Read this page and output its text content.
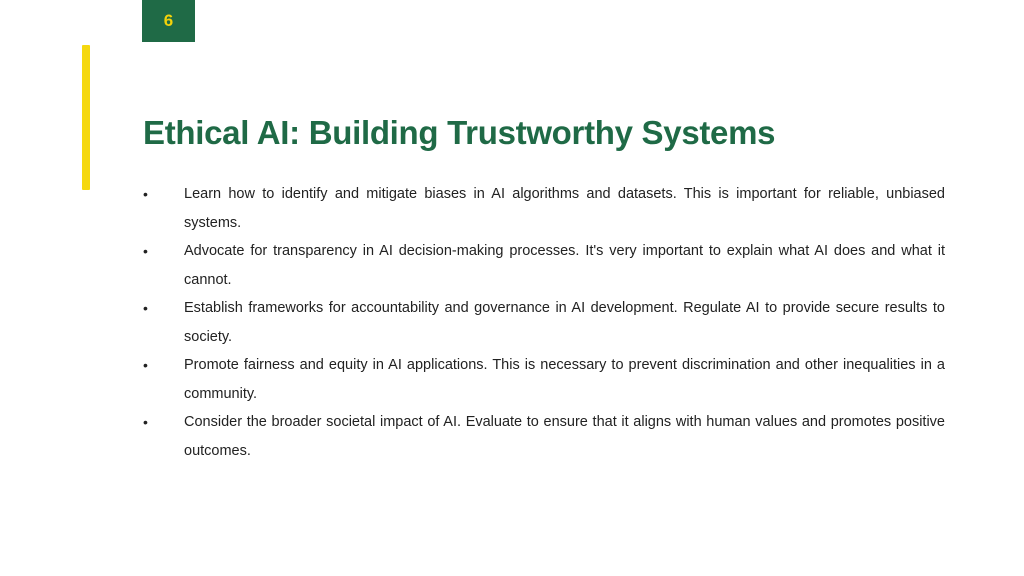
6
Ethical AI: Building Trustworthy Systems
•	Learn how to identify and mitigate biases in AI algorithms and datasets. This is important for reliable, unbiased systems.
•	Advocate for transparency in AI decision-making processes. It's very important to explain what AI does and what it cannot.
•	Establish frameworks for accountability and governance in AI development. Regulate AI to provide secure results to society.
•	Promote fairness and equity in AI applications. This is necessary to prevent discrimination and other inequalities in a community.
•	Consider the broader societal impact of AI. Evaluate to ensure that it aligns with human values and promotes positive outcomes.
